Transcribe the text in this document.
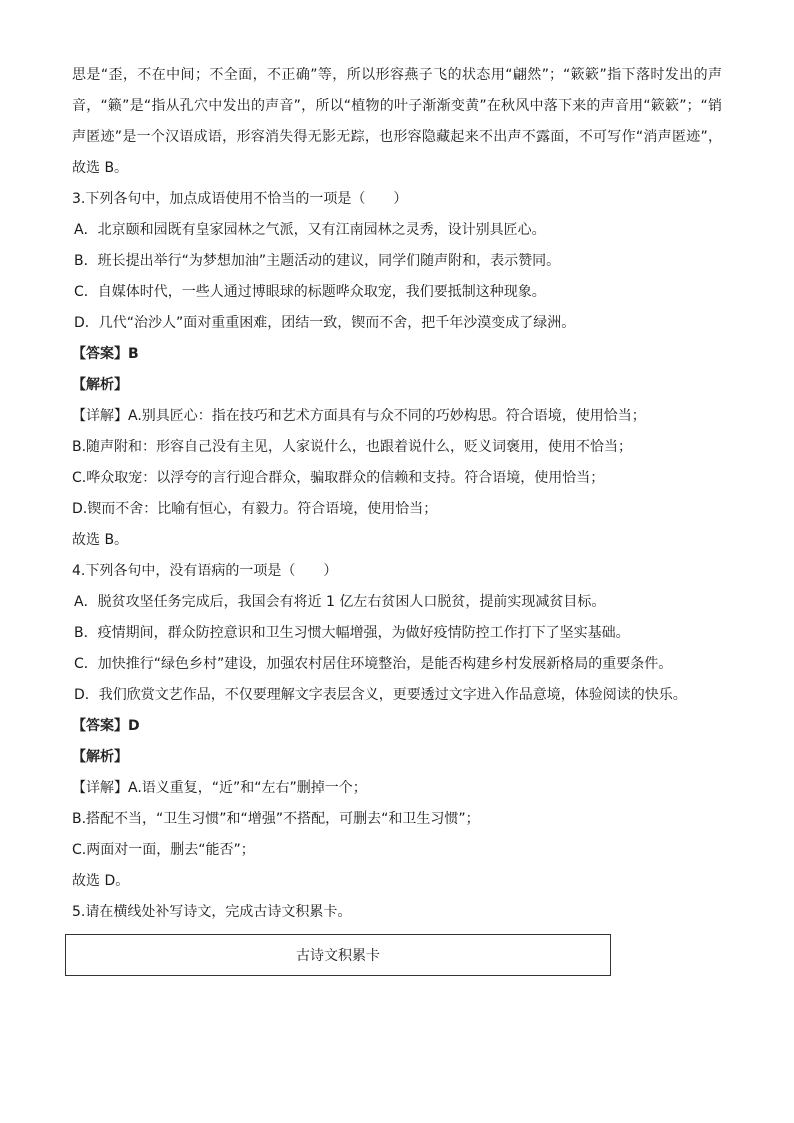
思是“歪，不在中间；不全面，不正确”等，所以形容燕子飞的状态用“翩然”；“簌簌”指下落时发出的声音，“籁”是“指从孔穴中发出的声音”，所以“植物的叶子渐渐变黄”在秋风中落下来的声音用“簌簌”；“销声匿迹”是一个汉语成语，形容消失得无影无踪，也形容隐藏起来不出声不露面，不可写作“消声匿迹”，故选 B。
3.下列各句中，加点成语使用不恰当的一项是（　　）
A．北京颐和园既有皇家园林之气派，又有江南园林之灵秀，设计别具匠心。
B．班长提出举行“为梦想加油”主题活动的建议，同学们随声附和，表示赞同。
C．自媒体时代，一些人通过博眼球的标题哗众取宠，我们要抵制这种现象。
D．几代“治沙人”面对重重困难，团结一致，锲而不舍，把千年沙漠变成了绿洲。
【答案】B
【解析】
【详解】A.别具匠心：指在技巧和艺术方面具有与众不同的巧妙构思。符合语境，使用恰当；
B.随声附和：形容自己没有主见，人家说什么，也跟着说什么，贬义词褒用，使用不恰当；
C.哗众取宠：以浮夸的言行迎合群众，骗取群众的信赖和支持。符合语境，使用恰当；
D.锲而不舍：比喻有恒心，有毅力。符合语境，使用恰当；
故选 B。
4.下列各句中，没有语病的一项是（　　）
A．脱贫攻坚任务完成后，我国会有将近 1 亿左右贫困人口脱贫，提前实现减贫目标。
B．疫情期间，群众防控意识和卫生习惯大幅增强，为做好疫情防控工作打下了坚实基础。
C．加快推行“绿色乡村”建设，加强农村居住环境整治，是能否构建乡村发展新格局的重要条件。
D．我们欣赏文艺作品，不仅要理解文字表层含义，更要透过文字进入作品意境，体验阅读的快乐。
【答案】D
【解析】
【详解】A.语义重复，“近”和“左右”删掉一个；
B.搭配不当，“卫生习惯”和“增强”不搭配，可删去“和卫生习惯”；
C.两面对一面，删去“能否”；
故选 D。
5.请在横线处补写诗文，完成古诗文积累卡。
古诗文积累卡
